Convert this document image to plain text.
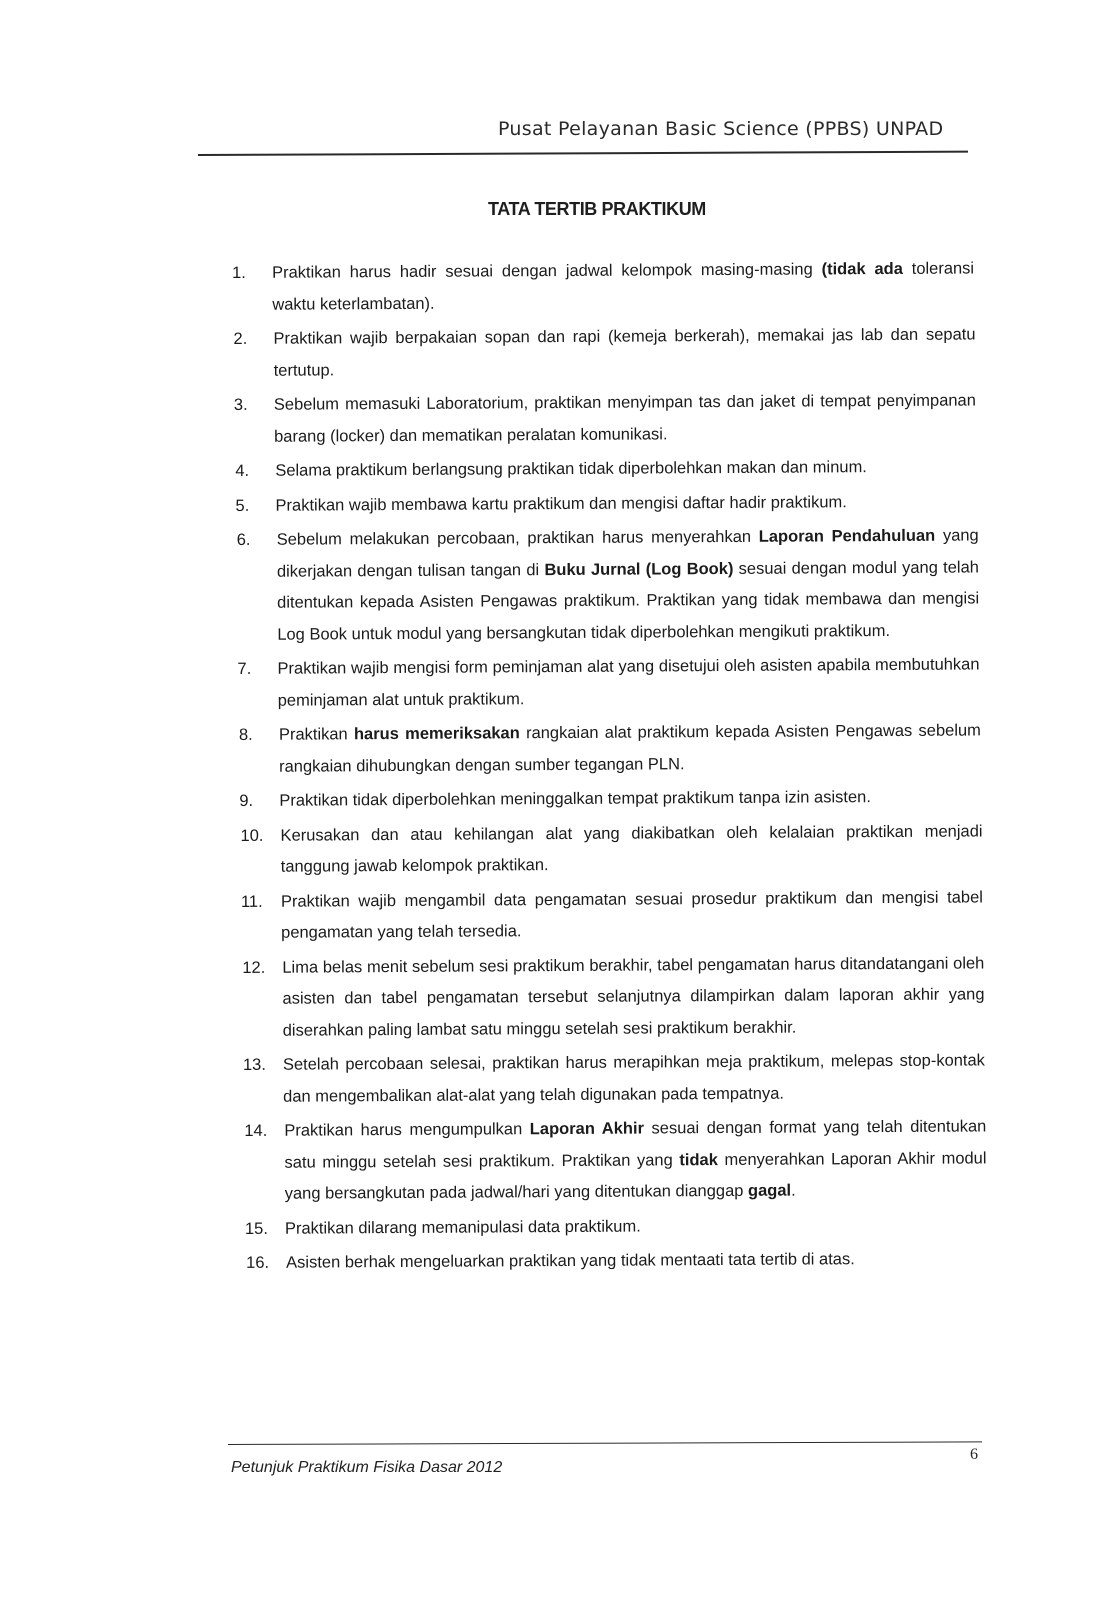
Pusat Pelayanan Basic Science (PPBS) UNPAD
TATA TERTIB PRAKTIKUM
1.	Praktikan harus hadir sesuai dengan jadwal kelompok masing-masing (tidak ada toleransi waktu keterlambatan).
2.	Praktikan wajib berpakaian sopan dan rapi (kemeja berkerah), memakai jas lab dan sepatu tertutup.
3.	Sebelum memasuki Laboratorium, praktikan menyimpan tas dan jaket di tempat penyimpanan barang (locker) dan mematikan peralatan komunikasi.
4.	Selama praktikum berlangsung praktikan tidak diperbolehkan makan dan minum.
5.	Praktikan wajib membawa kartu praktikum dan mengisi daftar hadir praktikum.
6.	Sebelum melakukan percobaan, praktikan harus menyerahkan Laporan Pendahuluan yang dikerjakan dengan tulisan tangan di Buku Jurnal (Log Book) sesuai dengan modul yang telah ditentukan kepada Asisten Pengawas praktikum. Praktikan yang tidak membawa dan mengisi Log Book untuk modul yang bersangkutan tidak diperbolehkan mengikuti praktikum.
7.	Praktikan wajib mengisi form peminjaman alat yang disetujui oleh asisten apabila membutuhkan peminjaman alat untuk praktikum.
8.	Praktikan harus memeriksakan rangkaian alat praktikum kepada Asisten Pengawas sebelum rangkaian dihubungkan dengan sumber tegangan PLN.
9.	Praktikan tidak diperbolehkan meninggalkan tempat praktikum tanpa izin asisten.
10.	Kerusakan dan atau kehilangan alat yang diakibatkan oleh kelalaian praktikan menjadi tanggung jawab kelompok praktikan.
11.	Praktikan wajib mengambil data pengamatan sesuai prosedur praktikum dan mengisi tabel pengamatan yang telah tersedia.
12.	Lima belas menit sebelum sesi praktikum berakhir, tabel pengamatan harus ditandatangani oleh asisten dan tabel pengamatan tersebut selanjutnya dilampirkan dalam laporan akhir yang diserahkan paling lambat satu minggu setelah sesi praktikum berakhir.
13.	Setelah percobaan selesai, praktikan harus merapihkan meja praktikum, melepas stop-kontak dan mengembalikan alat-alat yang telah digunakan pada tempatnya.
14.	Praktikan harus mengumpulkan Laporan Akhir sesuai dengan format yang telah ditentukan satu minggu setelah sesi praktikum. Praktikan yang tidak menyerahkan Laporan Akhir modul yang bersangkutan pada jadwal/hari yang ditentukan dianggap gagal.
15.	Praktikan dilarang memanipulasi data praktikum.
16.	Asisten berhak mengeluarkan praktikan yang tidak mentaati tata tertib di atas.
Petunjuk Praktikum Fisika Dasar 2012
6
